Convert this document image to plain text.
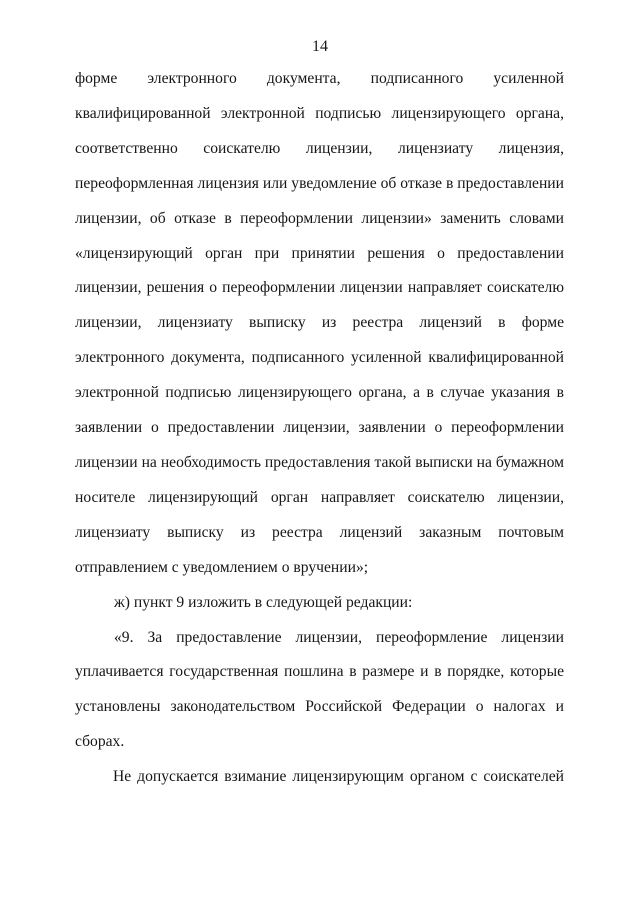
14

форме электронного документа, подписанного усиленной квалифицированной электронной подписью лицензирующего органа, соответственно соискателю лицензии, лицензиату лицензия, переоформленная лицензия или уведомление об отказе в предоставлении лицензии, об отказе в переоформлении лицензии» заменить словами «лицензирующий орган при принятии решения о предоставлении лицензии, решения о переоформлении лицензии направляет соискателю лицензии, лицензиату выписку из реестра лицензий в форме электронного документа, подписанного усиленной квалифицированной электронной подписью лицензирующего органа, а в случае указания в заявлении о предоставлении лицензии, заявлении о переоформлении лицензии на необходимость предоставления такой выписки на бумажном носителе лицензирующий орган направляет соискателю лицензии, лицензиату выписку из реестра лицензий заказным почтовым отправлением с уведомлением о вручении»;

ж) пункт 9 изложить в следующей редакции:

«9. За предоставление лицензии, переоформление лицензии уплачивается государственная пошлина в размере и в порядке, которые установлены законодательством Российской Федерации о налогах и сборах.

Не допускается взимание лицензирующим органом с соискателей
